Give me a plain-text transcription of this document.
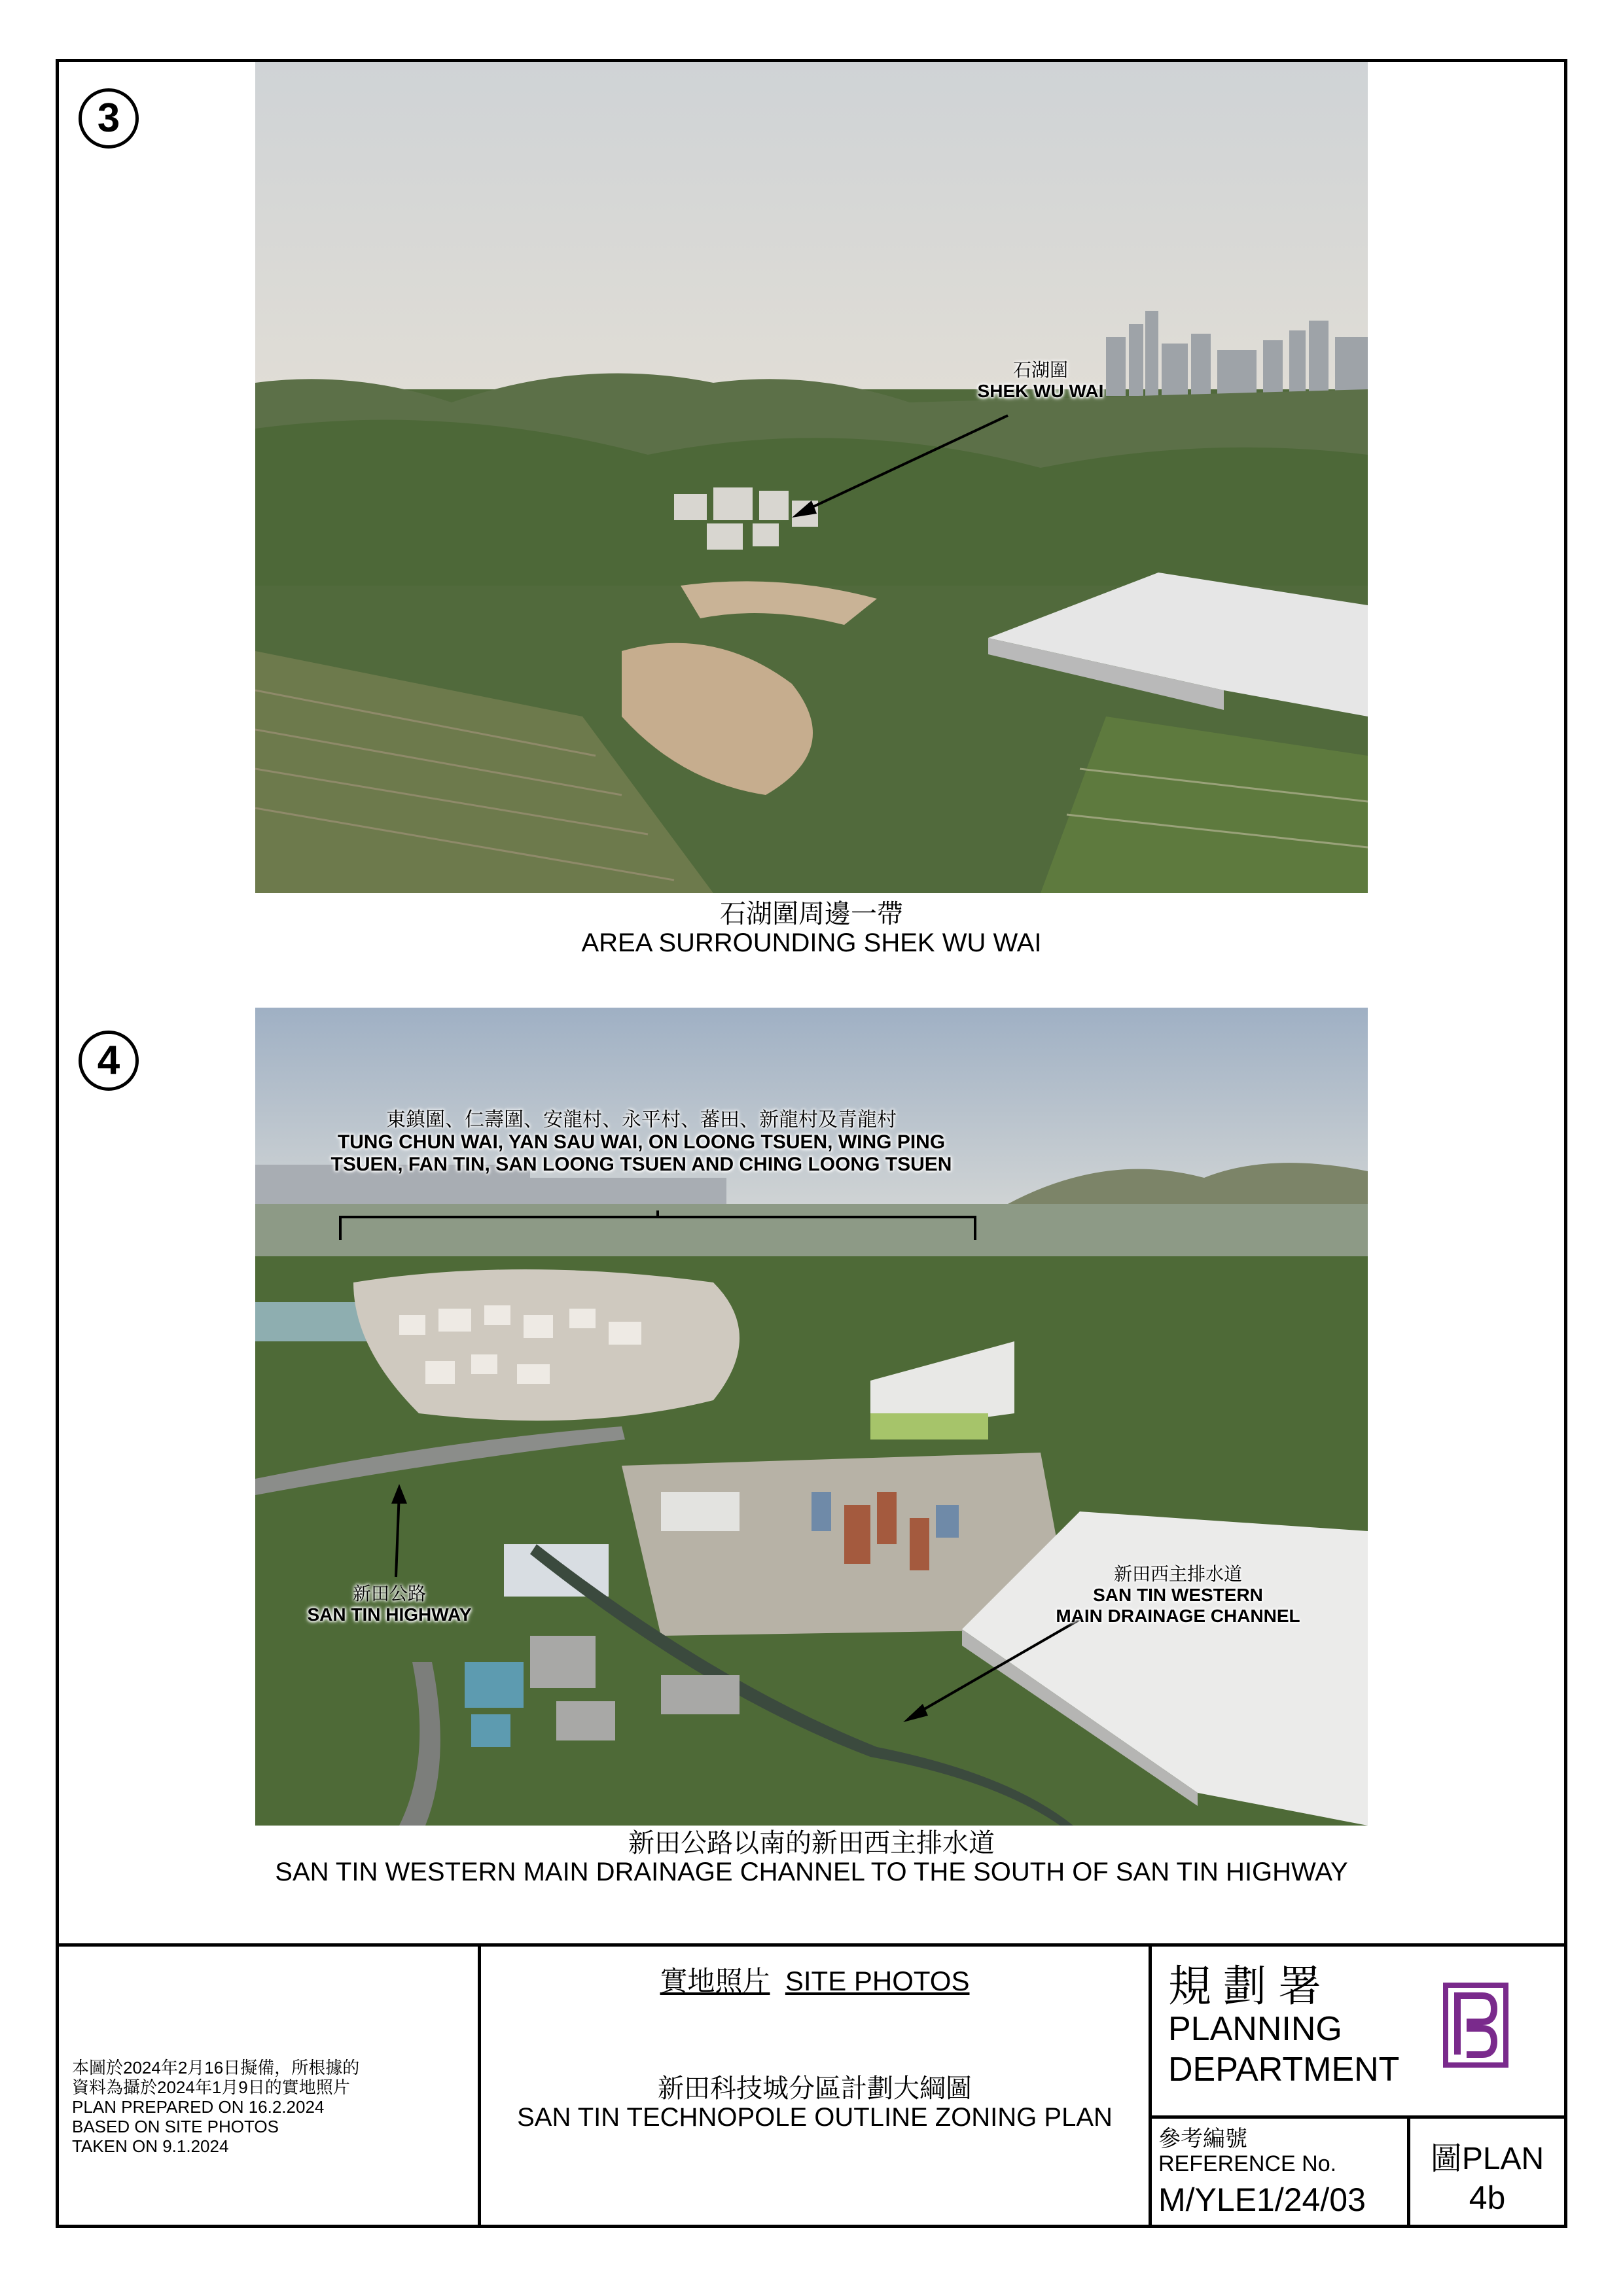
3
石湖圍
SHEK WU WAI
石湖圍周邊一帶
AREA SURROUNDING SHEK WU WAI
4
東鎮圍、仁壽圍、安龍村、永平村、蕃田、新龍村及青龍村
TUNG CHUN WAI, YAN SAU WAI, ON LOONG TSUEN, WING PING
TSUEN, FAN TIN, SAN LOONG TSUEN AND CHING LOONG TSUEN
新田公路
SAN TIN HIGHWAY
新田西主排水道
SAN TIN WESTERN
MAIN DRAINAGE CHANNEL
新田公路以南的新田西主排水道
SAN TIN WESTERN MAIN DRAINAGE CHANNEL TO THE SOUTH OF SAN TIN HIGHWAY
本圖於2024年2月16日擬備，所根據的
資料為攝於2024年1月9日的實地照片
PLAN PREPARED ON 16.2.2024
BASED ON SITE PHOTOS
TAKEN ON 9.1.2024
實地照片 SITE PHOTOS
新田科技城分區計劃大綱圖
SAN TIN TECHNOPOLE OUTLINE ZONING PLAN
規劃署
PLANNING
DEPARTMENT
參考編號
REFERENCE No.
M/YLE1/24/03
圖PLAN
4b
